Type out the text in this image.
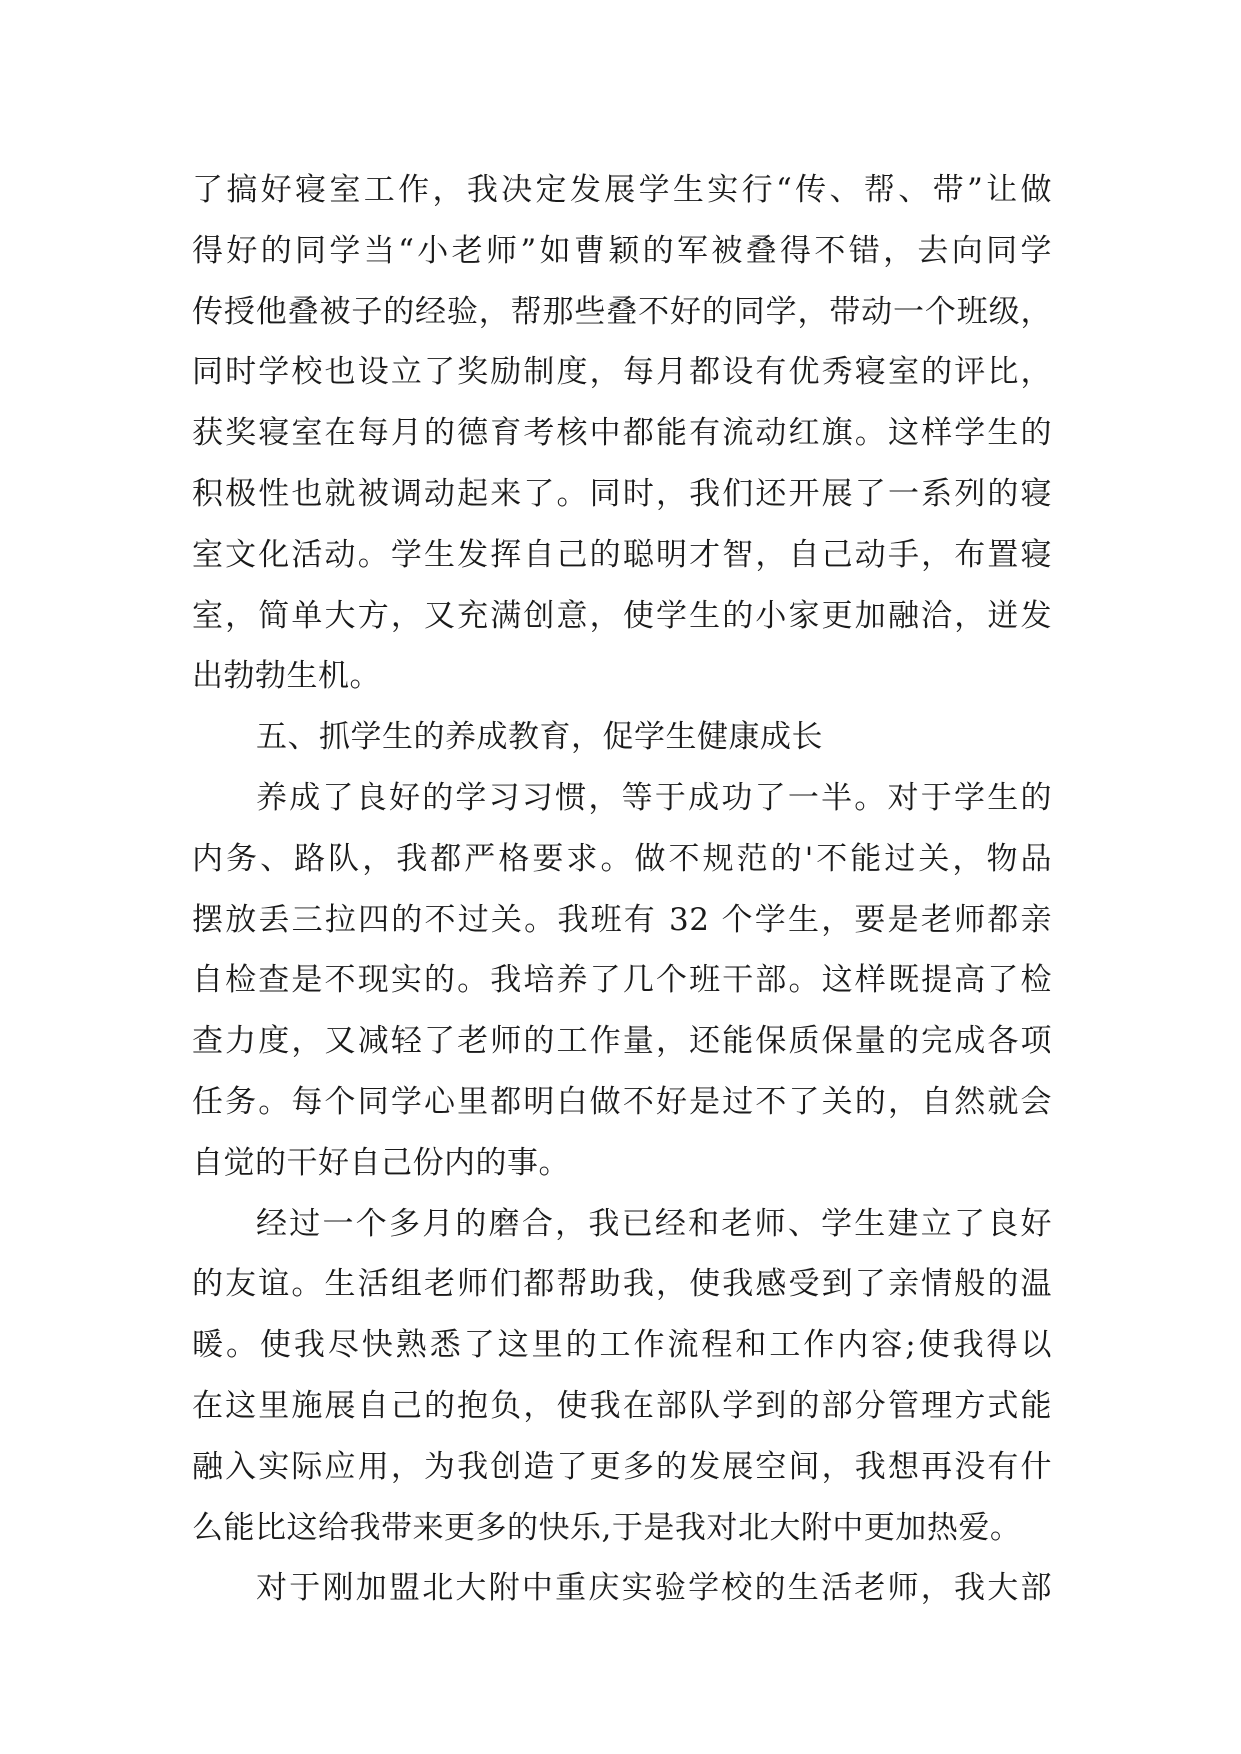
了搞好寝室工作，我决定发展学生实行“传、帮、带”让做
得好的同学当“小老师”如曹颖的军被叠得不错，去向同学
传授他叠被子的经验，帮那些叠不好的同学，带动一个班级，
同时学校也设立了奖励制度，每月都设有优秀寝室的评比，
获奖寝室在每月的德育考核中都能有流动红旗。这样学生的
积极性也就被调动起来了。同时，我们还开展了一系列的寝
室文化活动。学生发挥自己的聪明才智，自己动手，布置寝
室，简单大方，又充满创意，使学生的小家更加融洽，迸发
出勃勃生机。
五、抓学生的养成教育，促学生健康成长
养成了良好的学习习惯，等于成功了一半。对于学生的
内务、路队，我都严格要求。做不规范的'不能过关，物品
摆放丢三拉四的不过关。我班有 32 个学生，要是老师都亲
自检查是不现实的。我培养了几个班干部。这样既提高了检
查力度，又减轻了老师的工作量，还能保质保量的完成各项
任务。每个同学心里都明白做不好是过不了关的，自然就会
自觉的干好自己份内的事。
经过一个多月的磨合，我已经和老师、学生建立了良好
的友谊。生活组老师们都帮助我，使我感受到了亲情般的温
暖。使我尽快熟悉了这里的工作流程和工作内容;使我得以
在这里施展自己的抱负，使我在部队学到的部分管理方式能
融入实际应用，为我创造了更多的发展空间，我想再没有什
么能比这给我带来更多的快乐,于是我对北大附中更加热爱。
对于刚加盟北大附中重庆实验学校的生活老师，我大部
